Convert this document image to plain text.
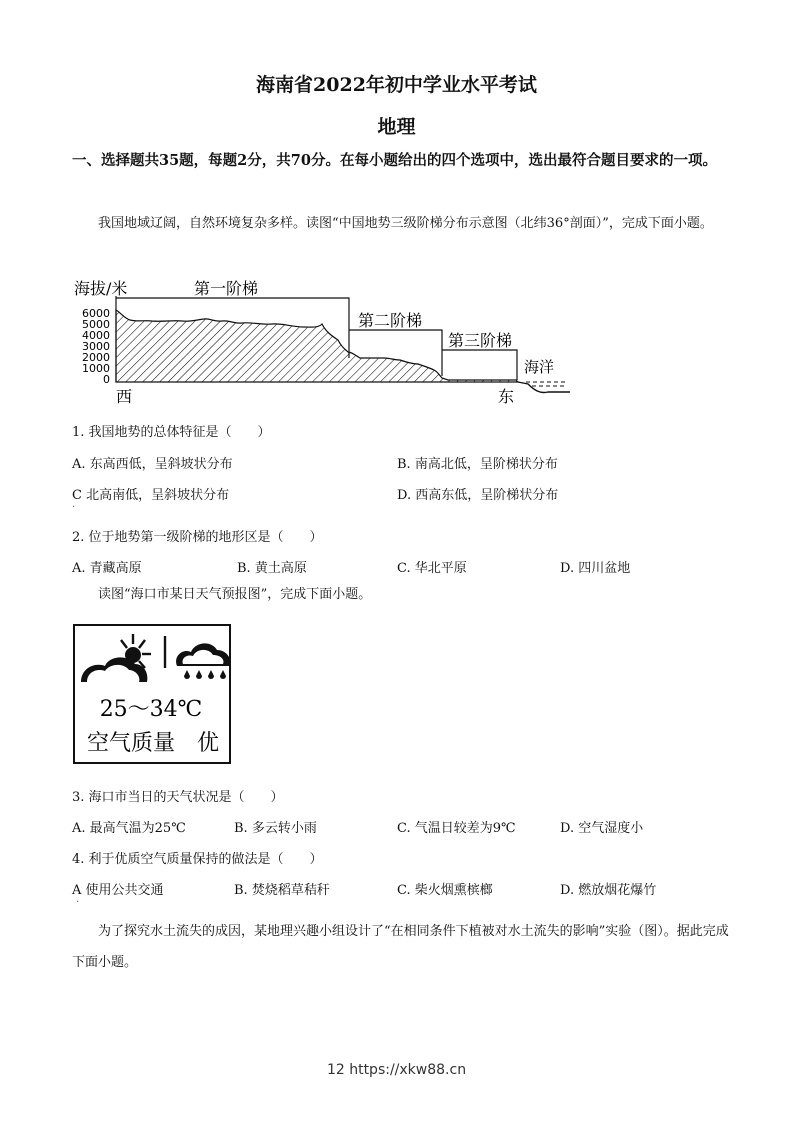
海南省2022年初中学业水平考试
地理
一、选择题共35题，每题2分，共70分。在每小题给出的四个选项中，选出最符合题目要求的一项。
我国地域辽阔，自然环境复杂多样。读图“中国地势三级阶梯分布示意图（北纬36°剖面）”，完成下面小题。
海拔/米	第一阶梯
第二阶梯
第三阶梯
海洋
西	东
6000
5000
4000
3000
2000
1000
0
1. 我国地势的总体特征是（　　）
A. 东高西低，呈斜坡状分布	B. 南高北低，呈阶梯状分布
C 北高南低，呈斜坡状分布	D. 西高东低，呈阶梯状分布
·
2. 位于地势第一级阶梯的地形区是（　　）
A. 青藏高原	B. 黄土高原	C. 华北平原	D. 四川盆地
读图“海口市某日天气预报图”，完成下面小题。
25～34℃
空气质量 优
3. 海口市当日的天气状况是（　　）
A. 最高气温为25℃	B. 多云转小雨	C. 气温日较差为9℃	D. 空气湿度小
4. 利于优质空气质量保持的做法是（　　）
A 使用公共交通	B. 焚烧稻草秸秆	C. 柴火烟熏槟榔	D. 燃放烟花爆竹
·
为了探究水土流失的成因，某地理兴趣小组设计了“在相同条件下植被对水土流失的影响”实验（图）。据此完成下面小题。
12 https://xkw88.cn
